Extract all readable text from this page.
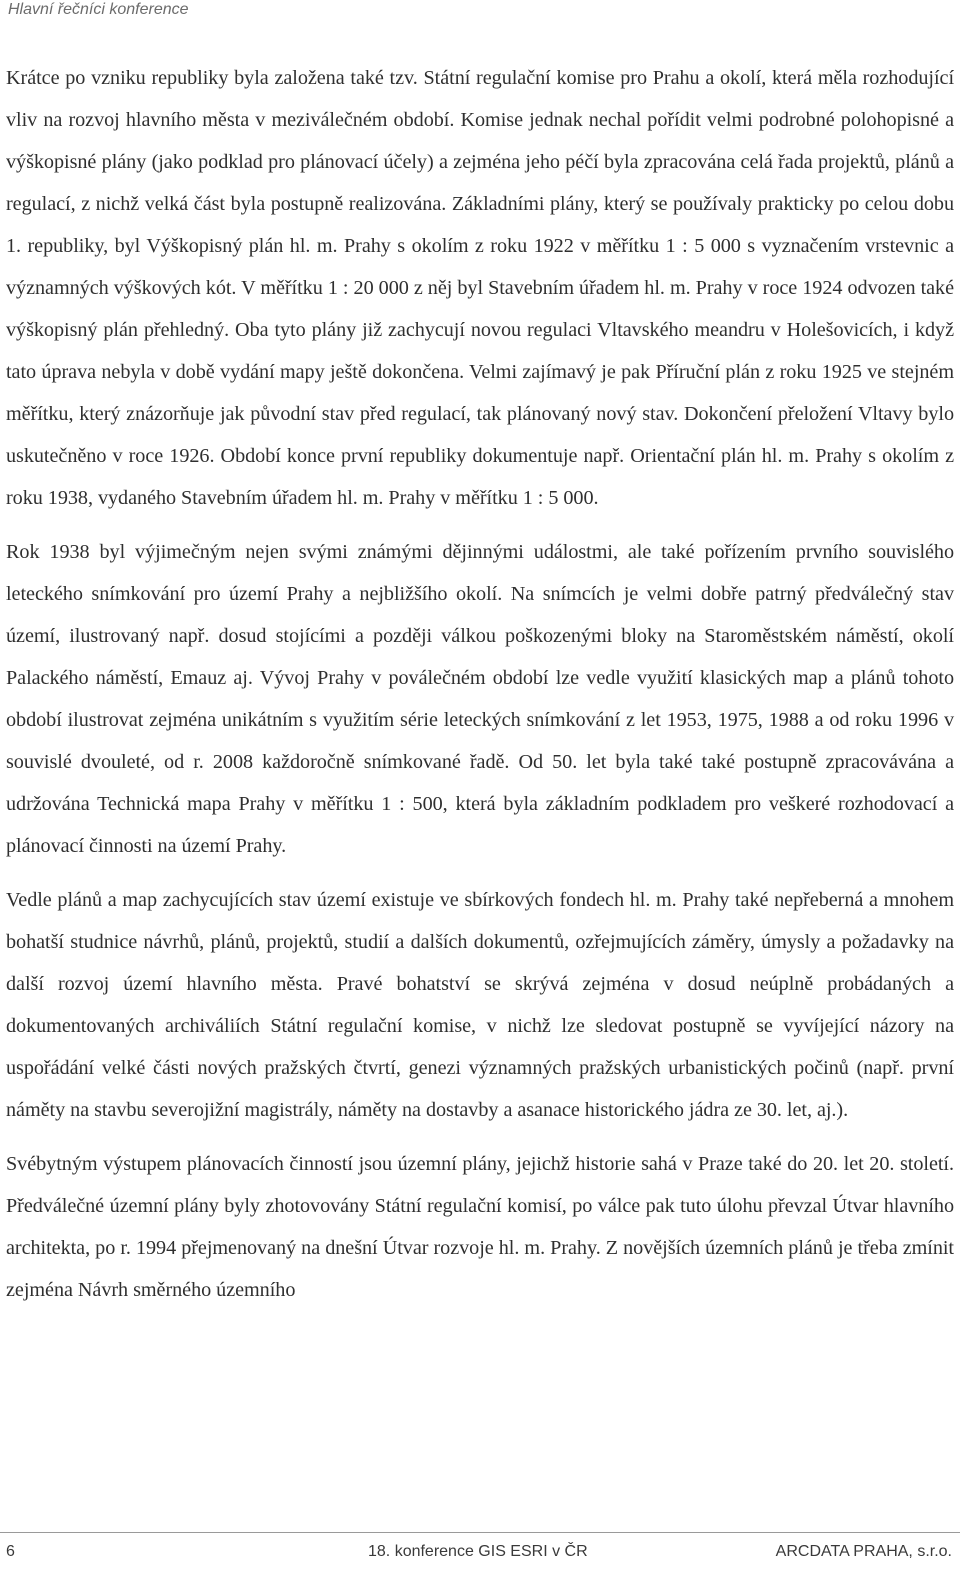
Hlavní řečníci konference

Krátce po vzniku republiky byla založena také tzv. Státní regulační komise pro Prahu a okolí, která měla rozhodující vliv na rozvoj hlavního města v meziválečném období. Komise jednak nechal pořídit velmi podrobné polohopisné a výškopisné plány (jako podklad pro plánovací účely) a zejména jeho péčí byla zpracována celá řada projektů, plánů a regulací, z nichž velká část byla postupně realizována. Základními plány, který se používaly prakticky po celou dobu 1. republiky, byl Výškopisný plán hl. m. Prahy s okolím z roku 1922 v měřítku 1 : 5 000 s vyznačením vrstevnic a významných výškových kót. V měřítku 1 : 20 000 z něj byl Stavebním úřadem hl. m. Prahy v roce 1924 odvozen také výškopisný plán přehledný. Oba tyto plány již zachycují novou regulaci Vltavského meandru v Holešovicích, i když tato úprava nebyla v době vydání mapy ještě dokončena. Velmi zajímavý je pak Příruční plán z roku 1925 ve stejném měřítku, který znázorňuje jak původní stav před regulací, tak plánovaný nový stav. Dokončení přeložení Vltavy bylo uskutečněno v roce 1926. Období konce první republiky dokumentuje např. Orientační plán hl. m. Prahy s okolím z roku 1938, vydaného Stavebním úřadem hl. m. Prahy v měřítku 1 : 5 000.

Rok 1938 byl výjimečným nejen svými známými dějinnými událostmi, ale také pořízením prvního souvislého leteckého snímkování pro území Prahy a nejbližšího okolí. Na snímcích je velmi dobře patrný předválečný stav území, ilustrovaný např. dosud stojícími a později válkou poškozenými bloky na Staroměstském náměstí, okolí Palackého náměstí, Emauz aj. Vývoj Prahy v poválečném období lze vedle využití klasických map a plánů tohoto období ilustrovat zejména unikátním s využitím série leteckých snímkování z let 1953, 1975, 1988 a od roku 1996 v souvislé dvouleté, od r. 2008 každoročně snímkované řadě. Od 50. let byla také také postupně zpracovávána a udržována Technická mapa Prahy v měřítku 1 : 500, která byla základním podkladem pro veškeré rozhodovací a plánovací činnosti na území Prahy.

Vedle plánů a map zachycujících stav území existuje ve sbírkových fondech hl. m. Prahy také nepřeberná a mnohem bohatší studnice návrhů, plánů, projektů, studií a dalších dokumentů, ozřejmujících záměry, úmysly a požadavky na další rozvoj území hlavního města. Pravé bohatství se skrývá zejména v dosud neúplně probádaných a dokumentovaných archiváliích Státní regulační komise, v nichž lze sledovat postupně se vyvíjející názory na uspořádání velké části nových pražských čtvrtí, genezi významných pražských urbanistických počinů (např. první náměty na stavbu severojižní magistrály, náměty na dostavby a asanace historického jádra ze 30. let, aj.).

Svébytným výstupem plánovacích činností jsou územní plány, jejichž historie sahá v Praze také do 20. let 20. století. Předválečné územní plány byly zhotovovány Státní regulační komisí, po válce pak tuto úlohu převzal Útvar hlavního architekta, po r. 1994 přejmenovaný na dnešní Útvar rozvoje hl. m. Prahy. Z novějších územních plánů je třeba zmínit zejména Návrh směrného územního

6	18. konference GIS ESRI v ČR	ARCDATA PRAHA, s.r.o.
